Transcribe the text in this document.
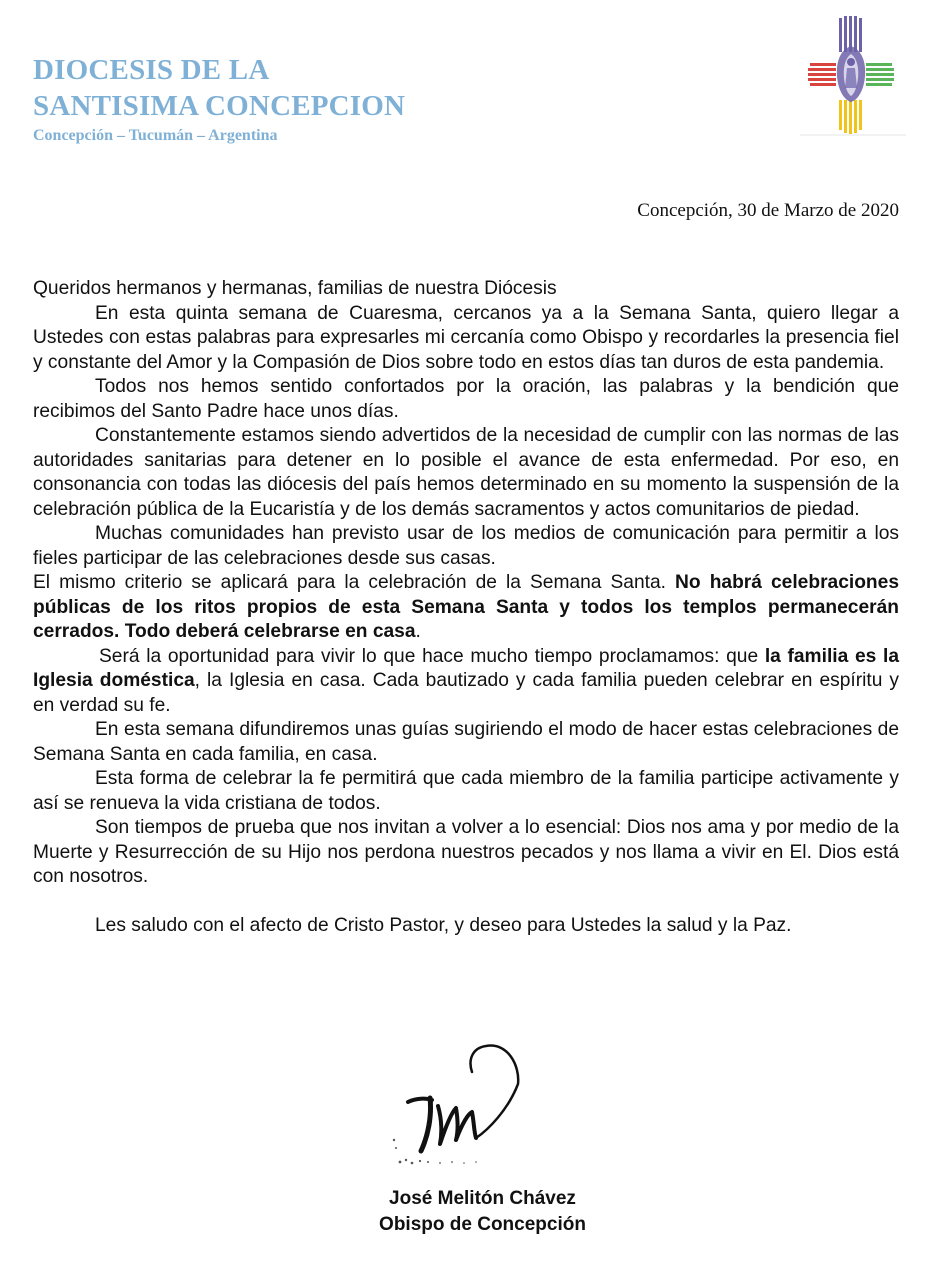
DIOCESIS DE LA
SANTISIMA CONCEPCION
Concepción – Tucumán – Argentina
Concepción, 30 de Marzo de 2020

Queridos hermanos y hermanas, familias de nuestra Diócesis

En esta quinta semana de Cuaresma, cercanos ya a la Semana Santa, quiero llegar a Ustedes con estas palabras para expresarles mi cercanía como Obispo y recordarles la presencia fiel y constante del Amor y la Compasión de Dios sobre todo en estos días tan duros de esta pandemia.

Todos nos hemos sentido confortados por la oración, las palabras y la bendición que recibimos del Santo Padre hace unos días.

Constantemente estamos siendo advertidos de la necesidad de cumplir con las normas de las autoridades sanitarias para detener en lo posible el avance de esta enfermedad. Por eso, en consonancia con todas las diócesis del país hemos determinado en su momento la suspensión de la celebración pública de la Eucaristía y de los demás sacramentos y actos comunitarios de piedad.

Muchas comunidades han previsto usar de los medios de comunicación para permitir a los fieles participar de las celebraciones desde sus casas.

El mismo criterio se aplicará para la celebración de la Semana Santa. No habrá celebraciones públicas de los ritos propios de esta Semana Santa y todos los templos permanecerán cerrados. Todo deberá celebrarse en casa.

Será la oportunidad para vivir lo que hace mucho tiempo proclamamos: que la familia es la Iglesia doméstica, la Iglesia en casa. Cada bautizado y cada familia pueden celebrar en espíritu y en verdad su fe.

En esta semana difundiremos unas guías sugiriendo el modo de hacer estas celebraciones de Semana Santa en cada familia, en casa.

Esta forma de celebrar la fe permitirá que cada miembro de la familia participe activamente y así se renueva la vida cristiana de todos.

Son tiempos de prueba que nos invitan a volver a lo esencial: Dios nos ama y por medio de la Muerte y Resurrección de su Hijo nos perdona nuestros pecados y nos llama a vivir en El. Dios está con nosotros.

Les saludo con el afecto de Cristo Pastor, y deseo para Ustedes la salud y la Paz.

José Melitón Chávez
Obispo de Concepción
